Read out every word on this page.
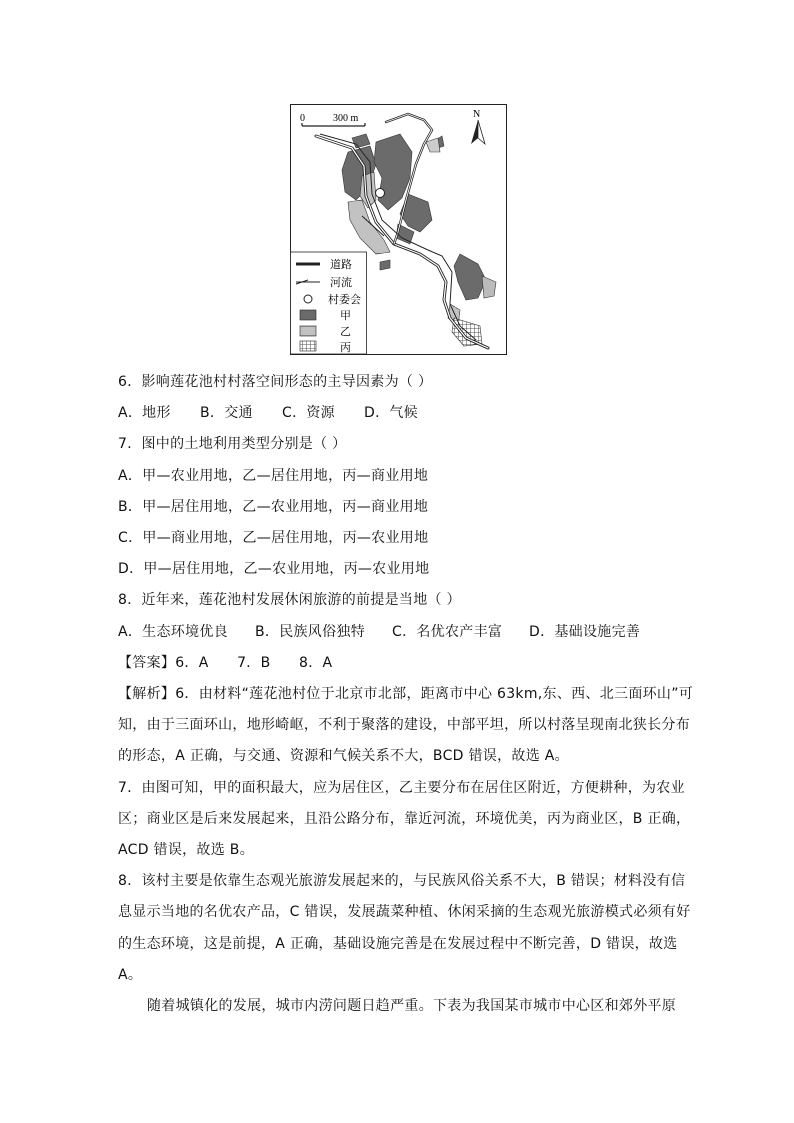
0	300 m	N
道路
河流
村委会
甲
乙
丙
6．影响莲花池村村落空间形态的主导因素为（ ）
A．地形 B．交通 C．资源 D．气候
7．图中的土地利用类型分别是（ ）
A．甲—农业用地，乙—居住用地，丙—商业用地
B．甲—居住用地，乙—农业用地，丙—商业用地
C．甲—商业用地，乙—居住用地，丙—农业用地
D．甲—居住用地，乙—农业用地，丙—农业用地
8．近年来，莲花池村发展休闲旅游的前提是当地（ ）
A．生态环境优良 B．民族风俗独特 C．名优农产丰富 D．基础设施完善
【答案】6．A      7．B      8．A
【解析】6．由材料“莲花池村位于北京市北部，距离市中心 63km,东、西、北三面环山”可
知，由于三面环山，地形崎岖，不利于聚落的建设，中部平坦，所以村落呈现南北狭长分布
的形态，A 正确，与交通、资源和气候关系不大，BCD 错误，故选 A。
7．由图可知，甲的面积最大，应为居住区，乙主要分布在居住区附近，方便耕种，为农业
区；商业区是后来发展起来，且沿公路分布，靠近河流，环境优美，丙为商业区，B 正确，
ACD 错误，故选 B。
8．该村主要是依靠生态观光旅游发展起来的，与民族风俗关系不大，B 错误；材料没有信
息显示当地的名优农产品，C 错误，发展蔬菜种植、休闲采摘的生态观光旅游模式必须有好
的生态环境，这是前提，A 正确，基础设施完善是在发展过程中不断完善，D 错误，故选
A。
随着城镇化的发展，城市内涝问题日趋严重。下表为我国某市城市中心区和郊外平原
